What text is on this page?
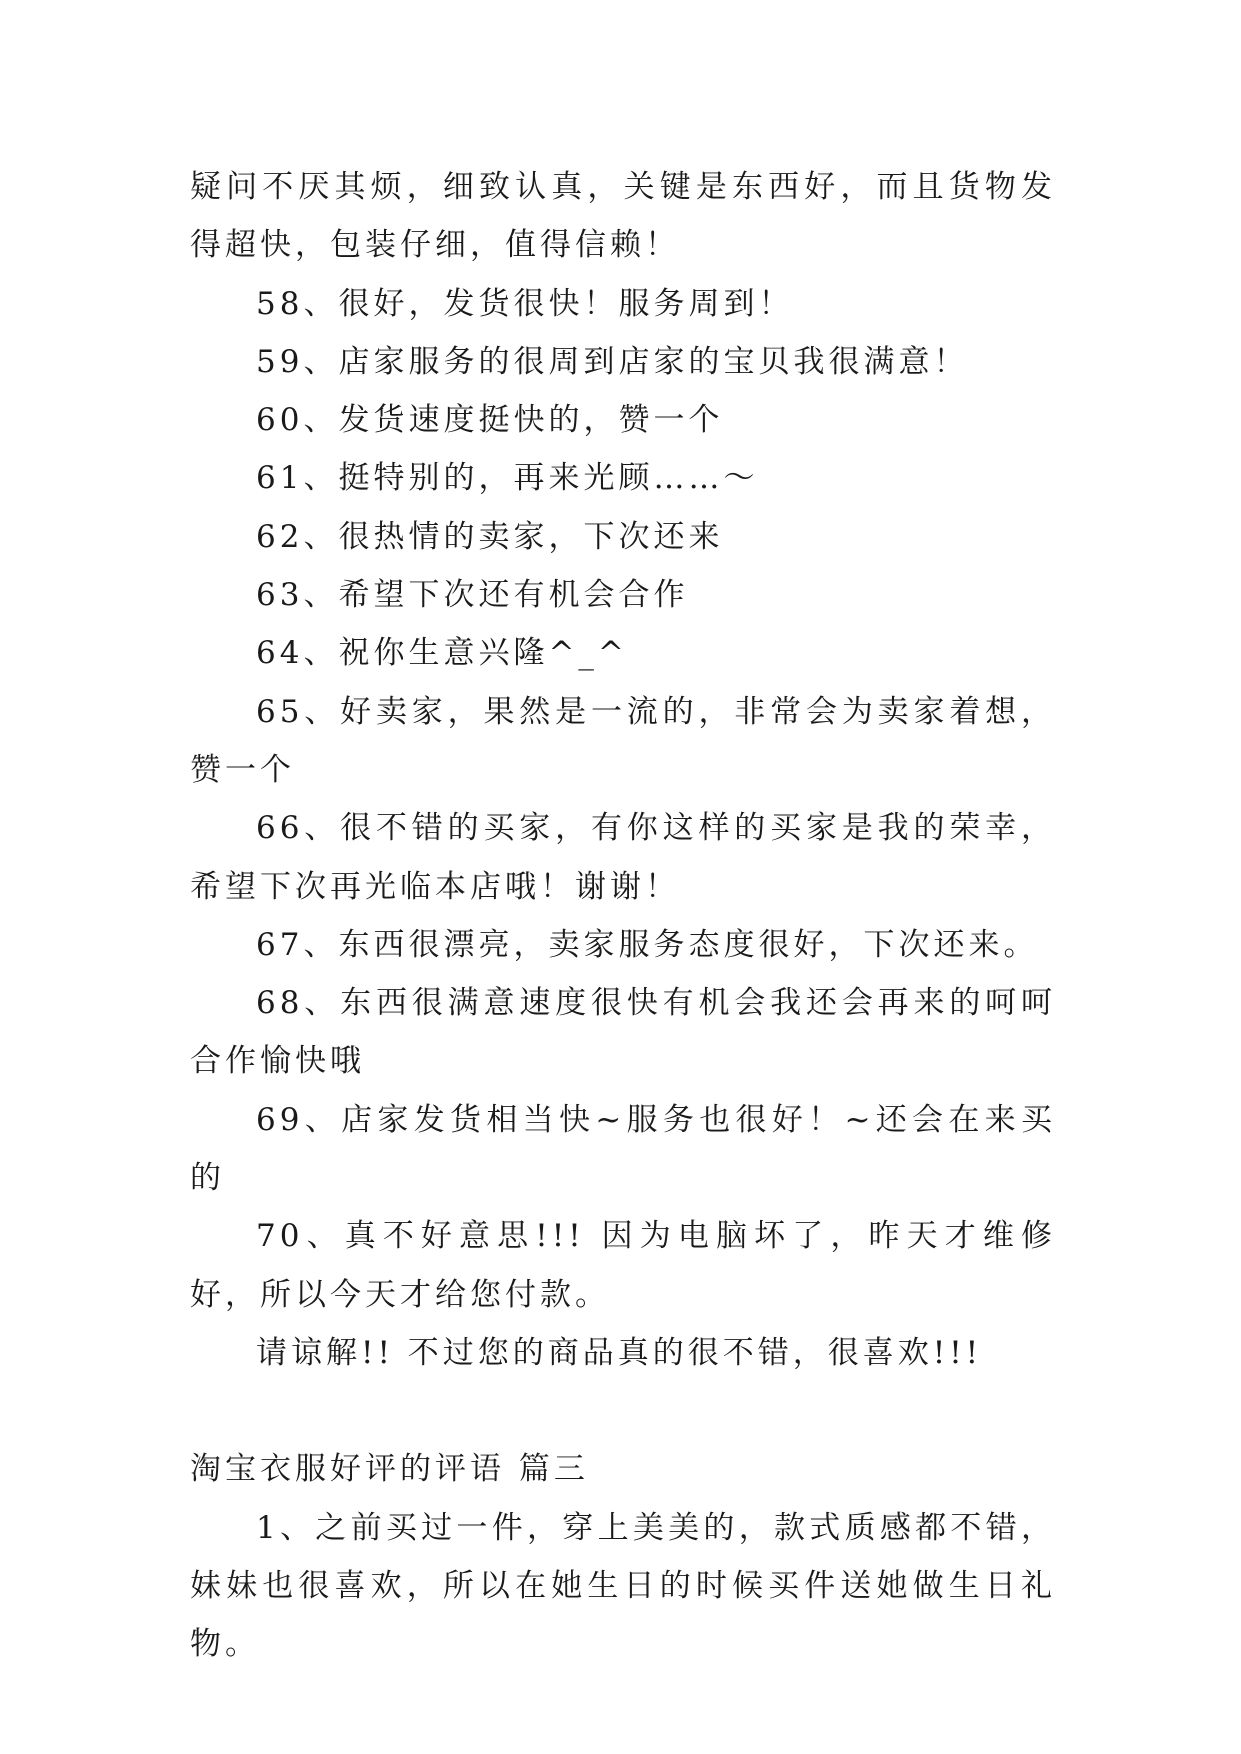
疑问不厌其烦，细致认真，关键是东西好，而且货物发得超快，包装仔细，值得信赖！

58、很好，发货很快！服务周到！

59、店家服务的很周到店家的宝贝我很满意！

60、发货速度挺快的，赞一个

61、挺特别的，再来光顾……～

62、很热情的卖家，下次还来

63、希望下次还有机会合作

64、祝你生意兴隆^_^

65、好卖家，果然是一流的，非常会为卖家着想，赞一个

66、很不错的买家，有你这样的买家是我的荣幸，希望下次再光临本店哦！谢谢！

67、东西很漂亮，卖家服务态度很好，下次还来。

68、东西很满意速度很快有机会我还会再来的呵呵合作愉快哦

69、店家发货相当快~服务也很好！~还会在来买的

70、真不好意思!!! 因为电脑坏了，昨天才维修好，所以今天才给您付款。

请谅解!! 不过您的商品真的很不错，很喜欢!!!

淘宝衣服好评的评语 篇三

1、之前买过一件，穿上美美的，款式质感都不错，妹妹也很喜欢，所以在她生日的时候买件送她做生日礼物。
